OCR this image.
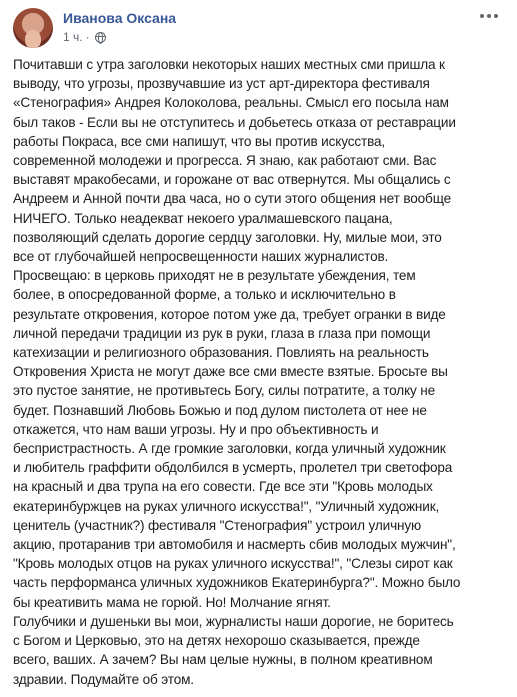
Иванова Оксана
1 ч. ·

Почитавши с утра заголовки некоторых наших местных сми пришла к

выводу, что угрозы, прозвучавшие из уст арт-директора фестиваля

«Стенография» Андрея Колоколова, реальны. Смысл его посыла нам

был таков - Если вы не отступитесь и добьетесь отказа от реставрации

работы Покраса, все сми напишут, что вы против искусства,

современной молодежи и прогресса. Я знаю, как работают сми. Вас

выставят мракобесами, и горожане от вас отвернутся. Мы общались с

Андреем и Анной почти два часа, но о сути этого общения нет вообще

НИЧЕГО. Только неадекват некоего уралмашевского пацана,

позволяющий сделать дорогие сердцу заголовки. Ну, милые мои, это

все от глубочайшей непросвещенности наших журналистов.

Просвещаю: в церковь приходят не в результате убеждения, тем

более, в опосредованной форме, а только и исключительно в

результате откровения, которое потом уже да, требует огранки в виде

личной передачи традиции из рук в руки, глаза в глаза при помощи

катехизации и религиозного образования. Повлиять на реальность

Откровения Христа не могут даже все сми вместе взятые. Бросьте вы

это пустое занятие, не противьтесь Богу, силы потратите, а толку не

будет. Познавший Любовь Божью и под дулом пистолета от нее не

откажется, что нам ваши угрозы. Ну и про объективность и

беспристрастность. А где громкие заголовки, когда уличный художник

и любитель граффити обдолбился в усмерть, пролетел три светофора

на красный и два трупа на его совести. Где все эти "Кровь молодых

екатеринбуржцев на руках уличного искусства!", "Уличный художник,

ценитель (участник?) фестиваля "Стенография" устроил уличную

акцию, протаранив три автомобиля и насмерть сбив молодых мужчин",

"Кровь молодых отцов на руках уличного искусства!", "Слезы сирот как

часть перформанса уличных художников Екатеринбурга?". Можно было

бы креативить мама не горюй. Но! Молчание ягнят.

Голубчики и душеньки вы мои, журналисты наши дорогие, не боритесь

с Богом и Церковью, это на детях нехорошо сказывается, прежде

всего, ваших. А зачем? Вы нам целые нужны, в полном креативном

здравии. Подумайте об этом.
